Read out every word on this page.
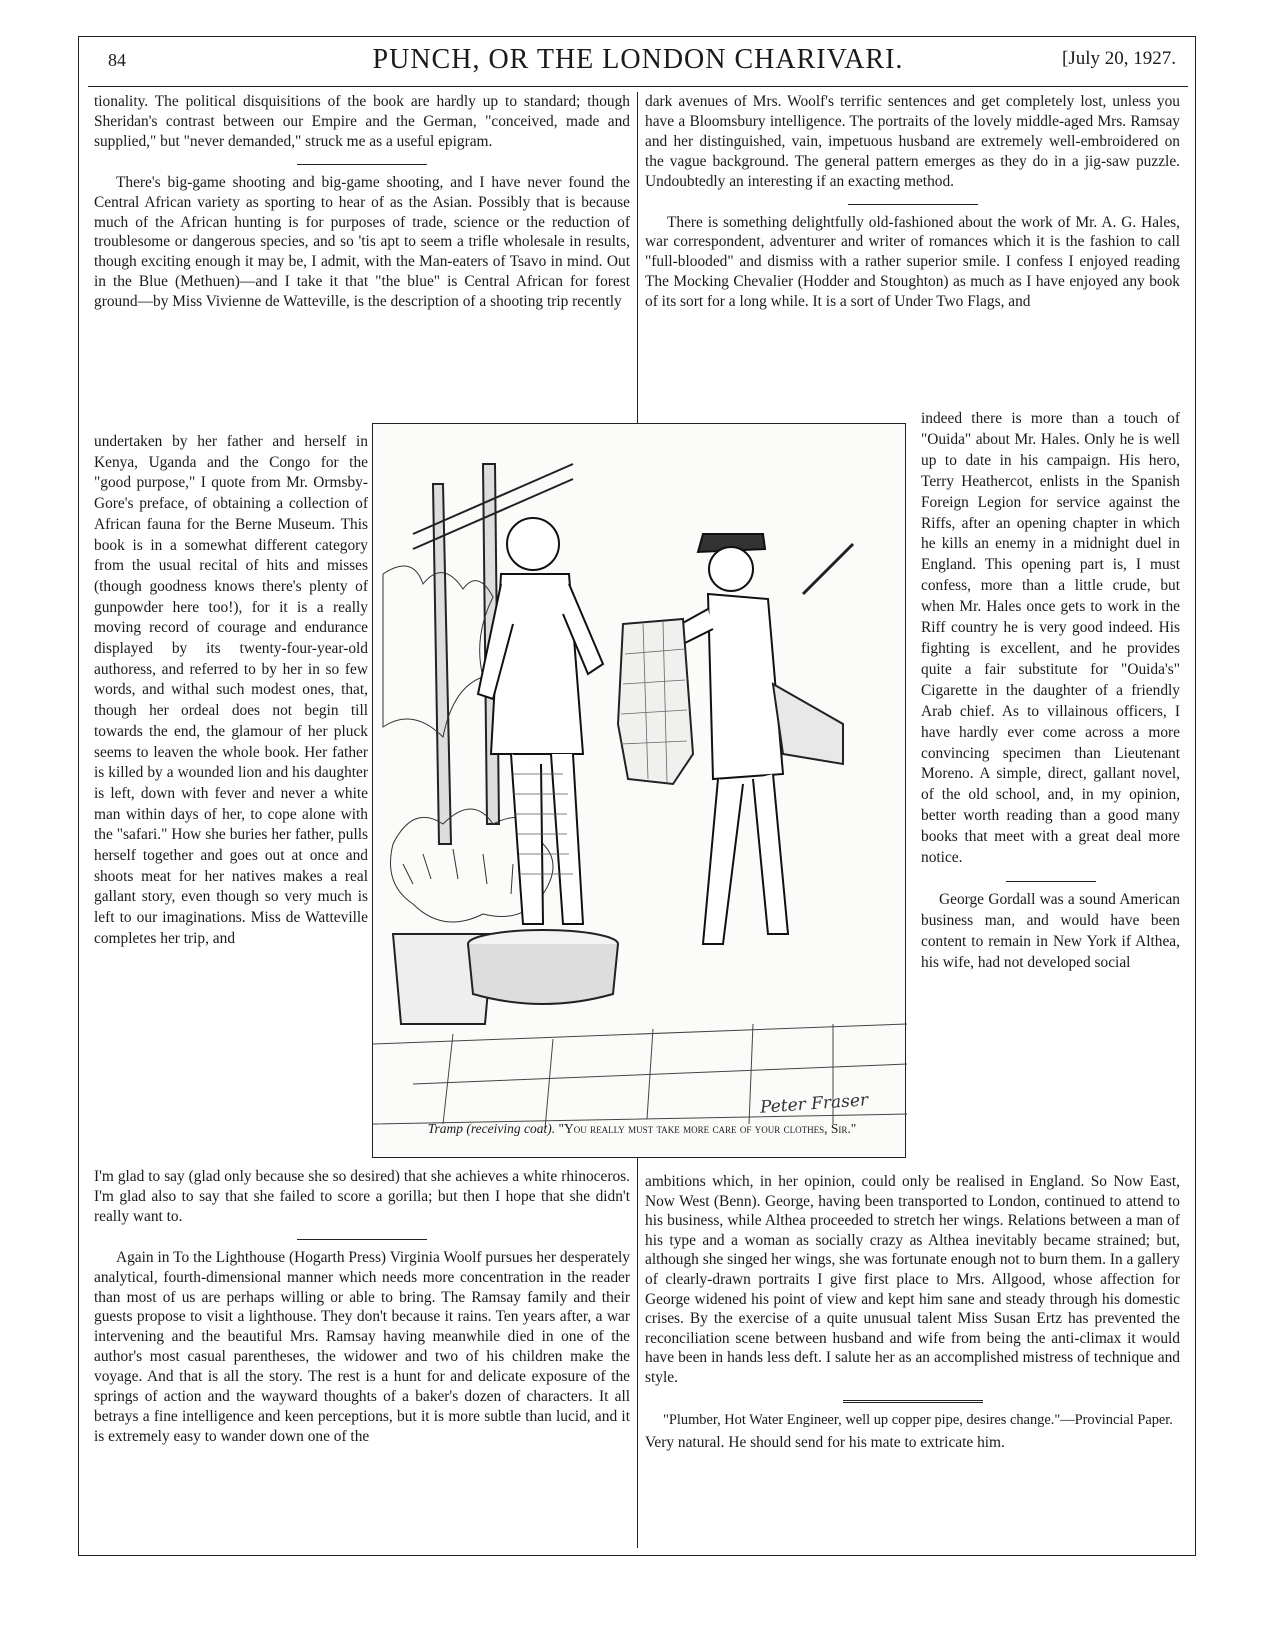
84	PUNCH, OR THE LONDON CHARIVARI.	[July 20, 1927.

tionality. The political disquisitions of the book are hardly up to standard; though Sheridan's contrast between our Empire and the German, "conceived, made and supplied," but "never demanded," struck me as a useful epigram.

There's big-game shooting and big-game shooting, and I have never found the Central African variety as sporting to hear of as the Asian. Possibly that is because much of the African hunting is for purposes of trade, science or the reduction of troublesome or dangerous species, and so 'tis apt to seem a trifle wholesale in results, though exciting enough it may be, I admit, with the Man-eaters of Tsavo in mind. Out in the Blue (Methuen)—and I take it that "the blue" is Central African for forest ground—by Miss Vivienne de Watteville, is the description of a shooting trip recently

undertaken by her father and herself in Kenya, Uganda and the Congo for the "good purpose," I quote from Mr. Ormsby-Gore's preface, of obtaining a collection of African fauna for the Berne Museum. This book is in a somewhat different category from the usual recital of hits and misses (though goodness knows there's plenty of gunpowder here too!), for it is a really moving record of courage and endurance displayed by its twenty-four-year-old authoress, and referred to by her in so few words, and withal such modest ones, that, though her ordeal does not begin till towards the end, the glamour of her pluck seems to leaven the whole book. Her father is killed by a wounded lion and his daughter is left, down with fever and never a white man within days of her, to cope alone with the "safari." How she buries her father, pulls herself together and goes out at once and shoots meat for her natives makes a real gallant story, even though so very much is left to our imaginations. Miss de Watteville completes her trip, and

Peter Fraser
Tramp (receiving coat). "You really must take more care of your clothes, Sir."

dark avenues of Mrs. Woolf's terrific sentences and get completely lost, unless you have a Bloomsbury intelligence. The portraits of the lovely middle-aged Mrs. Ramsay and her distinguished, vain, impetuous husband are extremely well-embroidered on the vague background. The general pattern emerges as they do in a jig-saw puzzle. Undoubtedly an interesting if an exacting method.

There is something delightfully old-fashioned about the work of Mr. A. G. Hales, war correspondent, adventurer and writer of romances which it is the fashion to call "full-blooded" and dismiss with a rather superior smile. I confess I enjoyed reading The Mocking Chevalier (Hodder and Stoughton) as much as I have enjoyed any book of its sort for a long while. It is a sort of Under Two Flags, and

indeed there is more than a touch of "Ouida" about Mr. Hales. Only he is well up to date in his campaign. His hero, Terry Heathercot, enlists in the Spanish Foreign Legion for service against the Riffs, after an opening chapter in which he kills an enemy in a midnight duel in England. This opening part is, I must confess, more than a little crude, but when Mr. Hales once gets to work in the Riff country he is very good indeed. His fighting is excellent, and he provides quite a fair substitute for "Ouida's" Cigarette in the daughter of a friendly Arab chief. As to villainous officers, I have hardly ever come across a more convincing specimen than Lieutenant Moreno. A simple, direct, gallant novel, of the old school, and, in my opinion, better worth reading than a good many books that meet with a great deal more notice.

George Gordall was a sound American business man, and would have been content to remain in New York if Althea, his wife, had not developed social

I'm glad to say (glad only because she so desired) that she achieves a white rhinoceros. I'm glad also to say that she failed to score a gorilla; but then I hope that she didn't really want to.

Again in To the Lighthouse (Hogarth Press) Virginia Woolf pursues her desperately analytical, fourth-dimensional manner which needs more concentration in the reader than most of us are perhaps willing or able to bring. The Ramsay family and their guests propose to visit a lighthouse. They don't because it rains. Ten years after, a war intervening and the beautiful Mrs. Ramsay having meanwhile died in one of the author's most casual parentheses, the widower and two of his children make the voyage. And that is all the story. The rest is a hunt for and delicate exposure of the springs of action and the wayward thoughts of a baker's dozen of characters. It all betrays a fine intelligence and keen perceptions, but it is more subtle than lucid, and it is extremely easy to wander down one of the

ambitions which, in her opinion, could only be realised in England. So Now East, Now West (Benn). George, having been transported to London, continued to attend to his business, while Althea proceeded to stretch her wings. Relations between a man of his type and a woman as socially crazy as Althea inevitably became strained; but, although she singed her wings, she was fortunate enough not to burn them. In a gallery of clearly-drawn portraits I give first place to Mrs. Allgood, whose affection for George widened his point of view and kept him sane and steady through his domestic crises. By the exercise of a quite unusual talent Miss Susan Ertz has prevented the reconciliation scene between husband and wife from being the anti-climax it would have been in hands less deft. I salute her as an accomplished mistress of technique and style.

"Plumber, Hot Water Engineer, well up copper pipe, desires change."—Provincial Paper.

Very natural. He should send for his mate to extricate him.
